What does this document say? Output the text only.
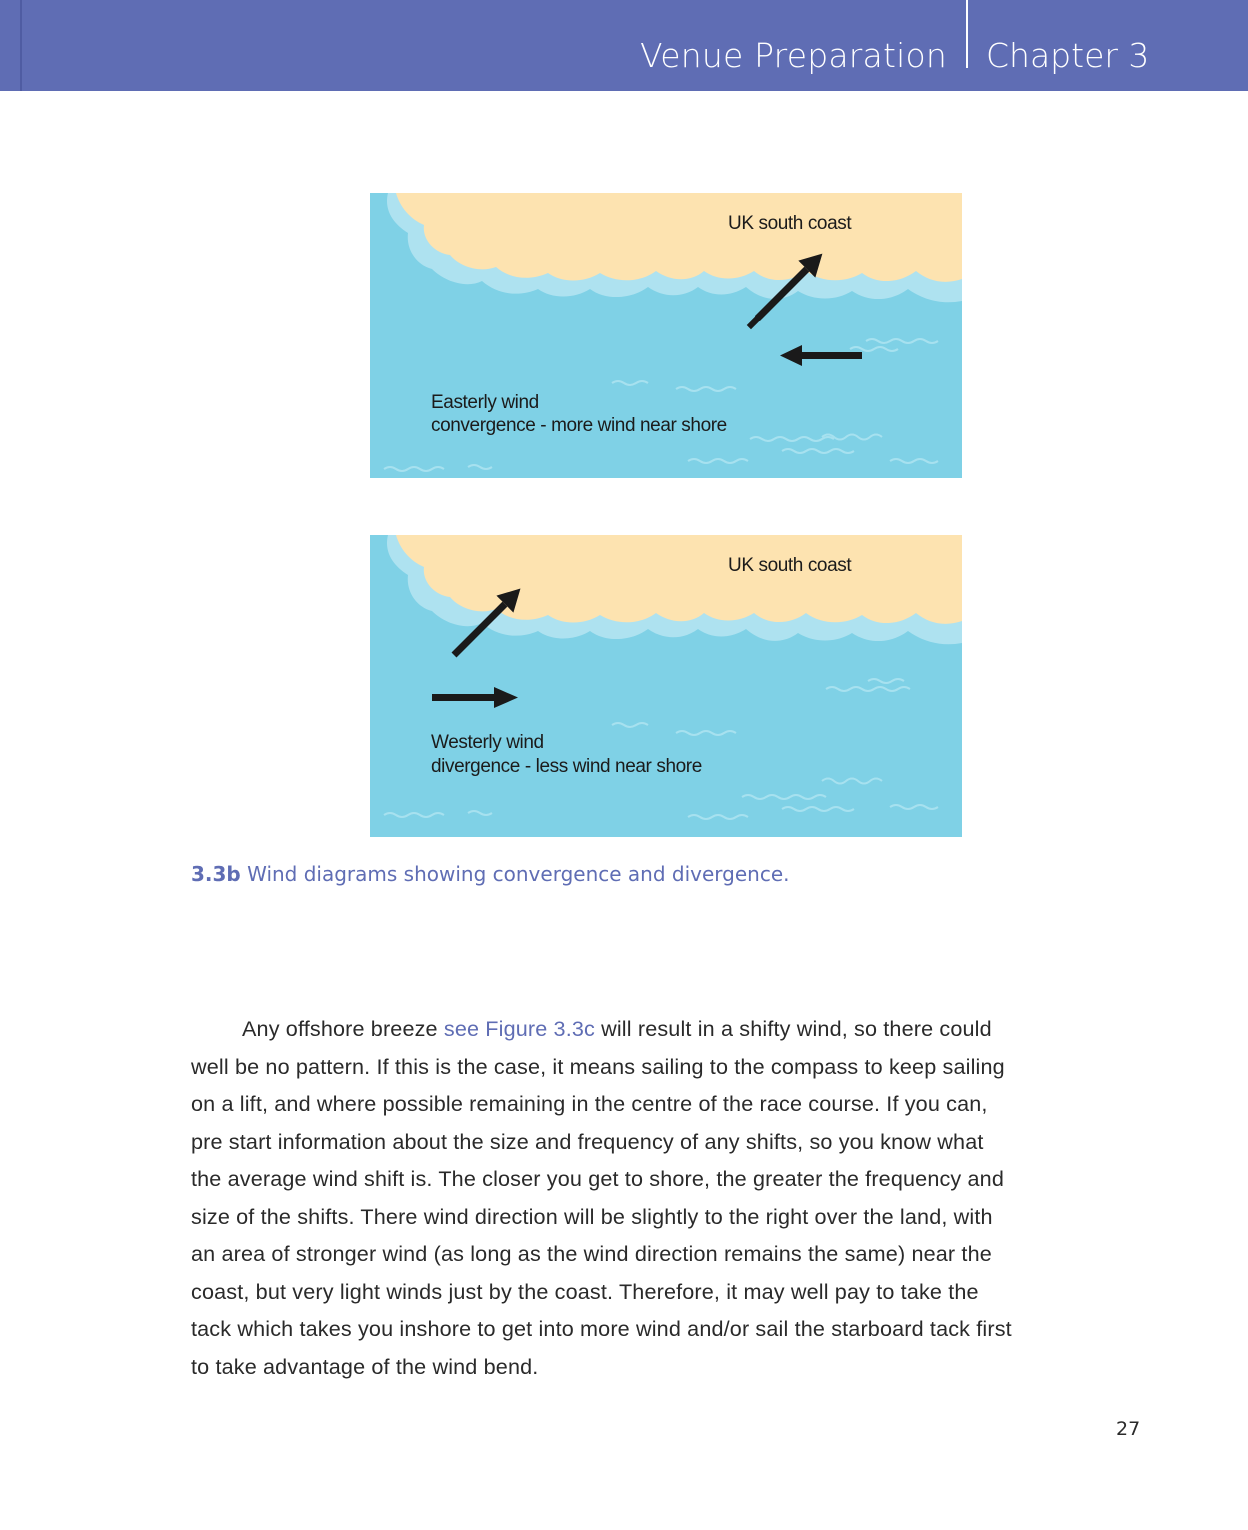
Venue Preparation Chapter 3
UK south coast
Easterly wind
convergence - more wind near shore
UK south coast
Westerly wind
divergence - less wind near shore
3.3b Wind diagrams showing convergence and divergence.
Any offshore breeze see Figure 3.3c will result in a shifty wind, so there could
well be no pattern. If this is the case, it means sailing to the compass to keep sailing
on a lift, and where possible remaining in the centre of the race course. If you can,
pre start information about the size and frequency of any shifts, so you know what
the average wind shift is. The closer you get to shore, the greater the frequency and
size of the shifts. There wind direction will be slightly to the right over the land, with
an area of stronger wind (as long as the wind direction remains the same) near the
coast, but very light winds just by the coast. Therefore, it may well pay to take the
tack which takes you inshore to get into more wind and/or sail the starboard tack first
to take advantage of the wind bend.
27
